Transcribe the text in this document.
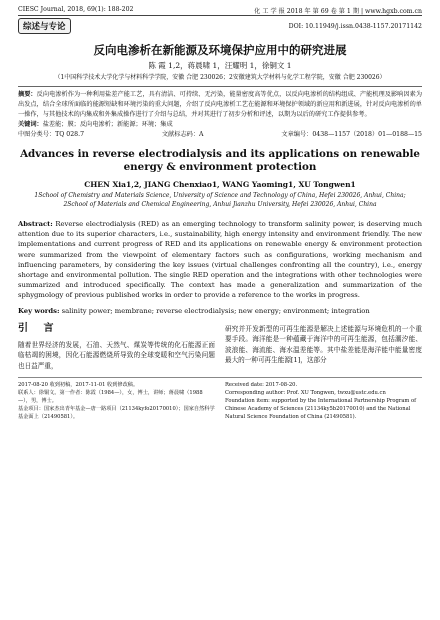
CIESC Journal, 2018, 69(1): 188-202	化 工 学 报 2018 年 第 69 卷 第 1 期 | www.hgxb.com.cn
综述与专论	DOI: 10.11949/j.issn.0438-1157.20171142
反向电渗析在新能源及环境保护应用中的研究进展
陈 霞 1,2，蒋晨啸 1，汪耀明 1，徐铜文 1
（1中国科学技术大学化学与材料科学学院，安徽 合肥 230026；2安徽建筑大学材料与化学工程学院，安徽 合肥 230026）
摘要：反向电渗析作为一种利用盐差产能工艺，具有清洁、可持续、无污染，能量密度高等优点，以反向电渗析的结构组成、产能机理及影响因素为出发点，结合全球所面临的能源短缺和环境污染的重大问题，介绍了反向电渗析工艺在能源和环境保护领域的新应用和新进展，针对反向电渗析的单一操作，与其他技术的内集成和外集成操作进行了介绍与总结，并对其进行了初步分析和评述，以期为以后的研究工作提供参考。
关键词：盐差能；膜；反向电渗析；新能源；环境；集成
中图分类号：TQ 028.7	文献标志码：A	文章编号：0438—1157（2018）01—0188—15
Advances in reverse electrodialysis and its applications on renewable energy & environment protection
CHEN Xia1,2, JIANG Chenxiao1, WANG Yaoming1, XU Tongwen1
1School of Chemistry and Materials Science, University of Science and Technology of China, Hefei 230026, Anhui, China;
2School of Materials and Chemical Engineering, Anhui Jianzhu University, Hefei 230026, Anhui, China
Abstract: Reverse electrodialysis (RED) as an emerging technology to transform salinity power, is deserving much attention due to its superior characters, i.e., sustainability, high energy intensity and environment friendly. The new implementations and current progress of RED and its applications on renewable energy & environment protection were summarized from the viewpoint of elementary factors such as configurations, working mechanism and influencing parameters, by considering the key issues (virtual challenges confronting all the country), i.e., energy shortage and environmental pollution. The single RED operation and the integrations with other technologies were summarized and introduced specifically. The context has made a generalization and summarization of the sphygmology of previous published works in order to provide a reference to the works in progress.
Key words: salinity power; membrane; reverse electrodialysis; new energy; environment; integration
引 言

随着世界经济的发展，石油、天然气、煤炭等传统的化石能源正面临枯竭的困境，因化石能源燃烧所导致的全球变暖和空气污染问题也日益严重，

研究并开发新型的可再生能源是解决上述能源与环境危机的一个重要手段。海洋能是一种蕴藏于海洋中的可再生能源，包括潮汐能、波浪能、海流能、海水温差能等。其中盐差能是海洋能中能量密度最大的一种可再生能源[1]，这部分

2017-08-20 收到初稿，2017-11-01 收到修改稿。
联系人：徐铜文。第一作者：陈霞（1984—），女，博士，讲师；蒋晨啸（1988—），男，博士。
基金项目：国家杰出青年基金—唐一路项目（21134kyfo20170010）；国家自然科学基金面上（21490581）。
Received date: 2017-08-20.
Corresponding author: Prof. XU Tongwen, twxu@ustc.edu.cn
Foundation item: supported by the International Partnership Program of Chinese Academy of Sciences (21134ky5b20170010) and the National Natural Science Foundation of China (21490581).
